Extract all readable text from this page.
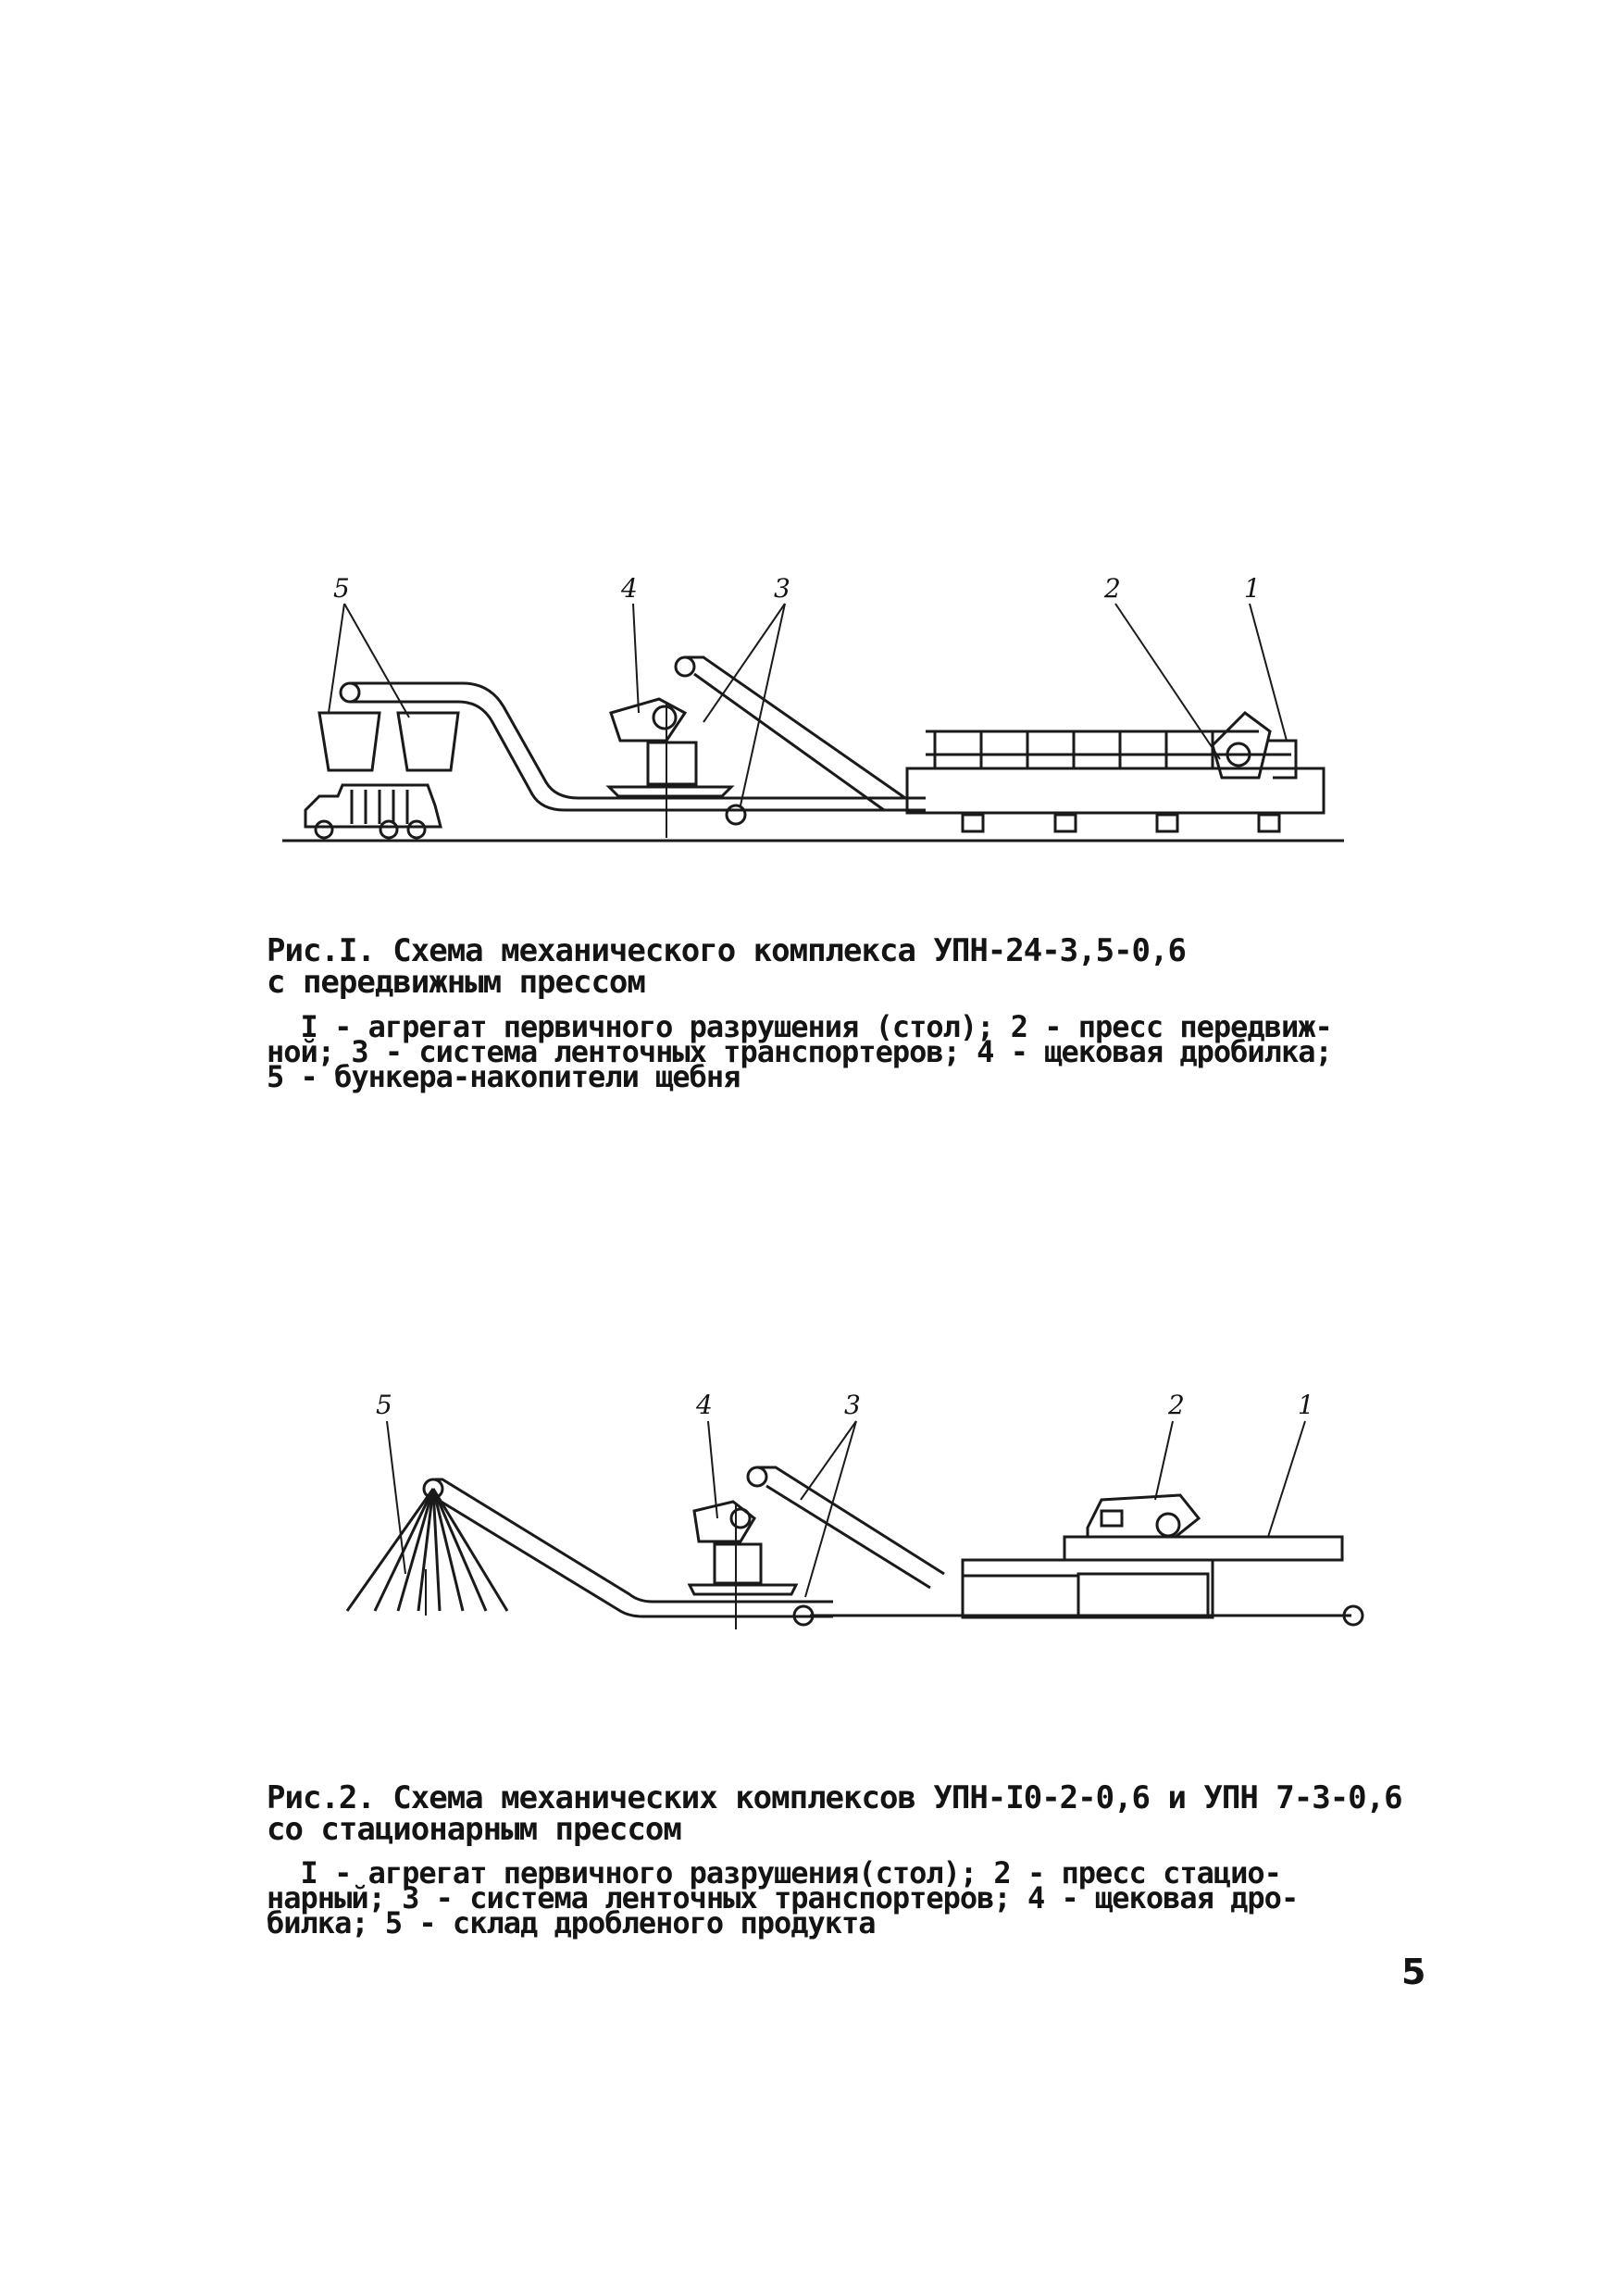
5	4	3	2	1

Рис.I. Схема механического комплекса УПН-24-3,5-0,6
с передвижным прессом

I - агрегат первичного разрушения (стол); 2 - пресс передвиж-
ной; 3 - система ленточных транспортеров; 4 - щековая дробилка;
5 - бункера-накопители щебня

5	4	3	2	1

Рис.2. Схема механических комплексов УПН-I0-2-0,6 и УПН 7-3-0,6
со стационарным прессом

I - агрегат первичного разрушения(стол); 2 - пресс стацио-
нарный; 3 - система ленточных транспортеров; 4 - щековая дро-
билка; 5 - склад дробленого продукта

5
